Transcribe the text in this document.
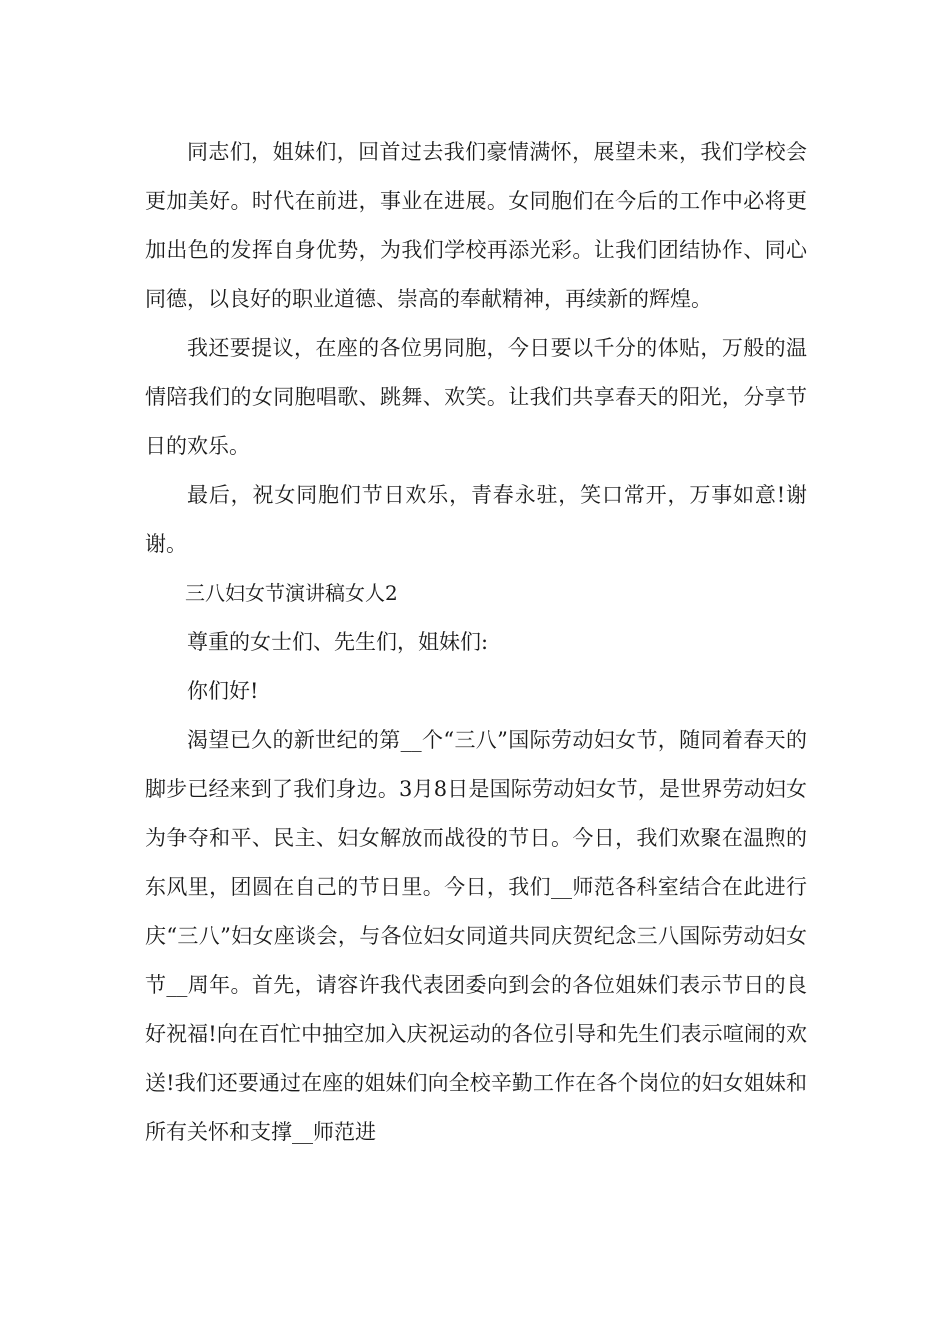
同志们，姐妹们，回首过去我们豪情满怀，展望未来，我们学校会更加美好。时代在前进，事业在进展。女同胞们在今后的工作中必将更加出色的发挥自身优势，为我们学校再添光彩。让我们团结协作、同心同德，以良好的职业道德、崇高的奉献精神，再续新的辉煌。

我还要提议，在座的各位男同胞，今日要以千分的体贴，万般的温情陪我们的女同胞唱歌、跳舞、欢笑。让我们共享春天的阳光，分享节日的欢乐。

最后，祝女同胞们节日欢乐，青春永驻，笑口常开，万事如意!谢谢。

三八妇女节演讲稿女人2

尊重的女士们、先生们，姐妹们:

你们好!

渴望已久的新世纪的第__个“三八”国际劳动妇女节，随同着春天的脚步已经来到了我们身边。3月8日是国际劳动妇女节，是世界劳动妇女为争夺和平、民主、妇女解放而战役的节日。今日，我们欢聚在温煦的东风里，团圆在自己的节日里。今日，我们__师范各科室结合在此进行庆“三八”妇女座谈会，与各位妇女同道共同庆贺纪念三八国际劳动妇女节__周年。首先，请容许我代表团委向到会的各位姐妹们表示节日的良好祝福!向在百忙中抽空加入庆祝运动的各位引导和先生们表示喧闹的欢送!我们还要通过在座的姐妹们向全校辛勤工作在各个岗位的妇女姐妹和所有关怀和支撑__师范进
